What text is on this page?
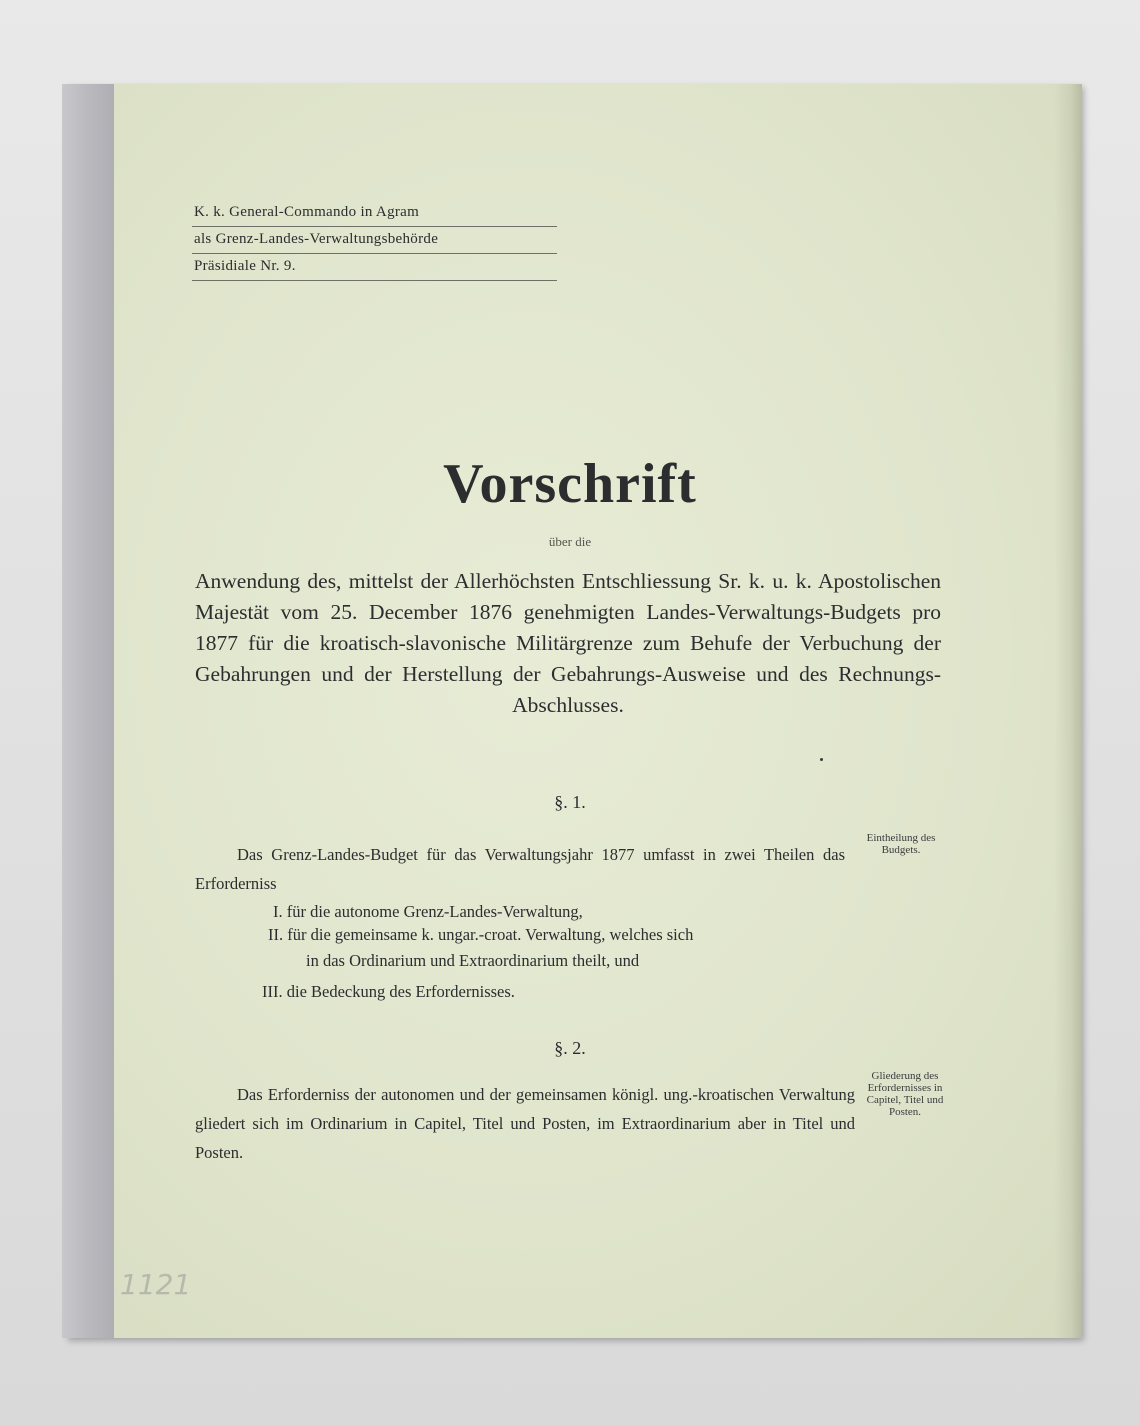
K. k. General-Commando in Agram
als Grenz-Landes-Verwaltungsbehörde
Präsidiale Nr. 9.
Vorschrift
über die
Anwendung des, mittelst der Allerhöchsten Entschliessung Sr. k. u. k. Apostolischen Majestät vom 25. December 1876 genehmigten Landes-Verwaltungs-Budgets pro 1877 für die kroatisch-slavonische Militärgrenze zum Behufe der Verbuchung der Gebahrungen und der Herstellung der Gebahrungs-Ausweise und des Rechnungs-Abschlusses.
§. 1.
Das Grenz-Landes-Budget für das Verwaltungsjahr 1877 umfasst in zwei Theilen das Erforderniss
Eintheilung des Budgets.
I. für die autonome Grenz-Landes-Verwaltung,
II. für die gemeinsame k. ungar.-croat. Verwaltung, welches sich
in das Ordinarium und Extraordinarium theilt, und
III. die Bedeckung des Erfordernisses.
§. 2.
Das Erforderniss der autonomen und der gemeinsamen königl. ung.-kroatischen Verwaltung gliedert sich im Ordinarium in Capitel, Titel und Posten, im Extraordinarium aber in Titel und Posten.
Gliederung des Erfordernisses in Capitel, Titel und Posten.
1121
